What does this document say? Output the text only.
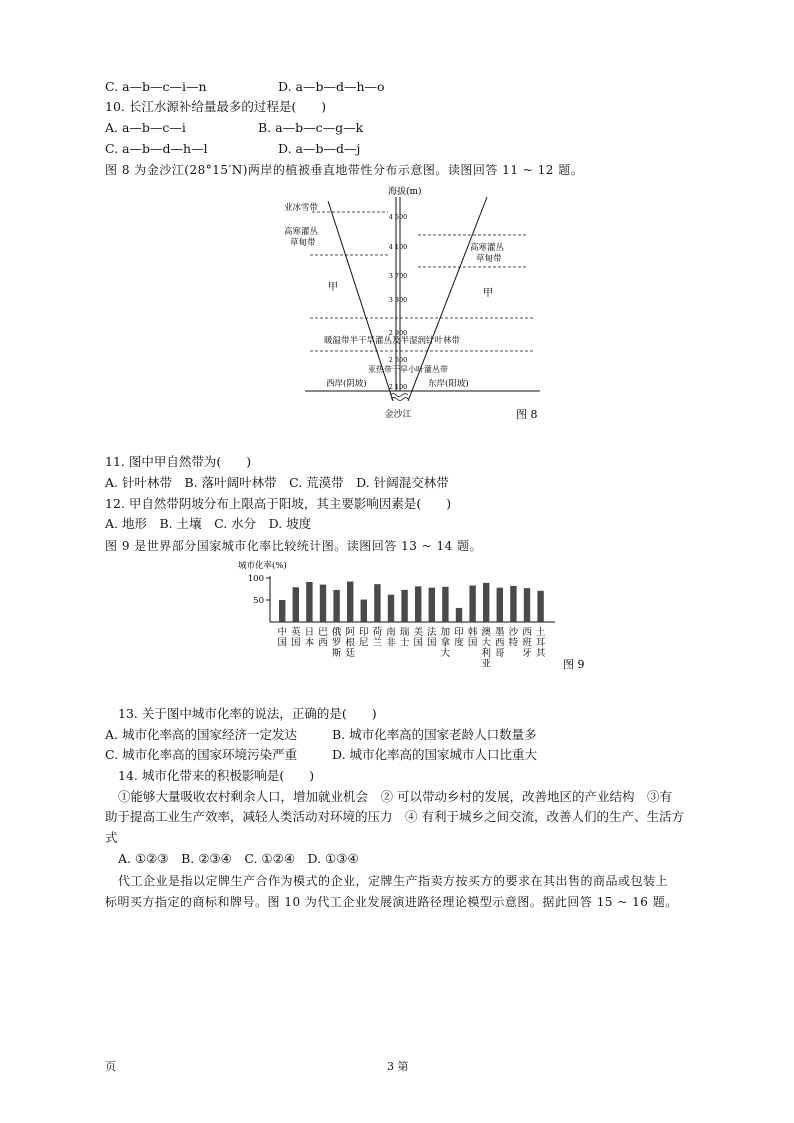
C. a—b—c—i—n	D. a—b—d—h—o
10. 长江水源补给量最多的过程是(　　)
A. a—b—c—i	B. a—b—c—g—k
C. a—b—d—h—l	D. a—b—d—j
图 8 为金沙江(28°15′N)两岸的植被垂直地带性分布示意图。读图回答 11 ~ 12 题。
海拔(m)
4 500
4 100
3 700
3 300
2 900
2 500
2 100
业冰雪带
高寒灌丛
草甸带	高寒灌丛
草甸带
甲
甲
暖温带半干旱灌丛及半湿润针叶林带
亚热带干旱小叶灌丛带
西岸(阴坡)	东岸(阳坡)
金沙江	图 8
11. 图中甲自然带为(　　)
A. 针叶林带　B. 落叶阔叶林带　C. 荒漠带　D. 针阔混交林带
12. 甲自然带阴坡分布上限高于阳坡，其主要影响因素是(　　)
A. 地形　B. 土壤　C. 水分　D. 坡度
图 9 是世界部分国家城市化率比较统计图。读图回答 13 ~ 14 题。
城市化率(%)
100
50
中
国
英
国
日
本
巴
西
俄
罗
斯
阿
根
廷
印
尼
荷
兰
南
非
瑞
士
美
国
法
国
加
拿
大
印
度
韩
国
澳
大
利
亚
墨
西
哥
沙
特
西
班
牙
土
耳
其
图 9
13. 关于图中城市化率的说法，正确的是(　　)
A. 城市化率高的国家经济一定发达	B. 城市化率高的国家老龄人口数量多
C. 城市化率高的国家环境污染严重	D. 城市化率高的国家城市人口比重大
14. 城市化带来的积极影响是(　　)
①能够大量吸收农村剩余人口，增加就业机会　② 可以带动乡村的发展，改善地区的产业结构　③有
助于提高工业生产效率，减轻人类活动对环境的压力　④ 有利于城乡之间交流，改善人们的生产、生活方
式
A. ①②③　B. ②③④　C. ①②④　D. ①③④
代工企业是指以定牌生产合作为模式的企业，定牌生产指卖方按买方的要求在其出售的商品或包装上
标明买方指定的商标和牌号。图 10 为代工企业发展演进路径理论模型示意图。据此回答 15 ~ 16 题。
页	3 第
